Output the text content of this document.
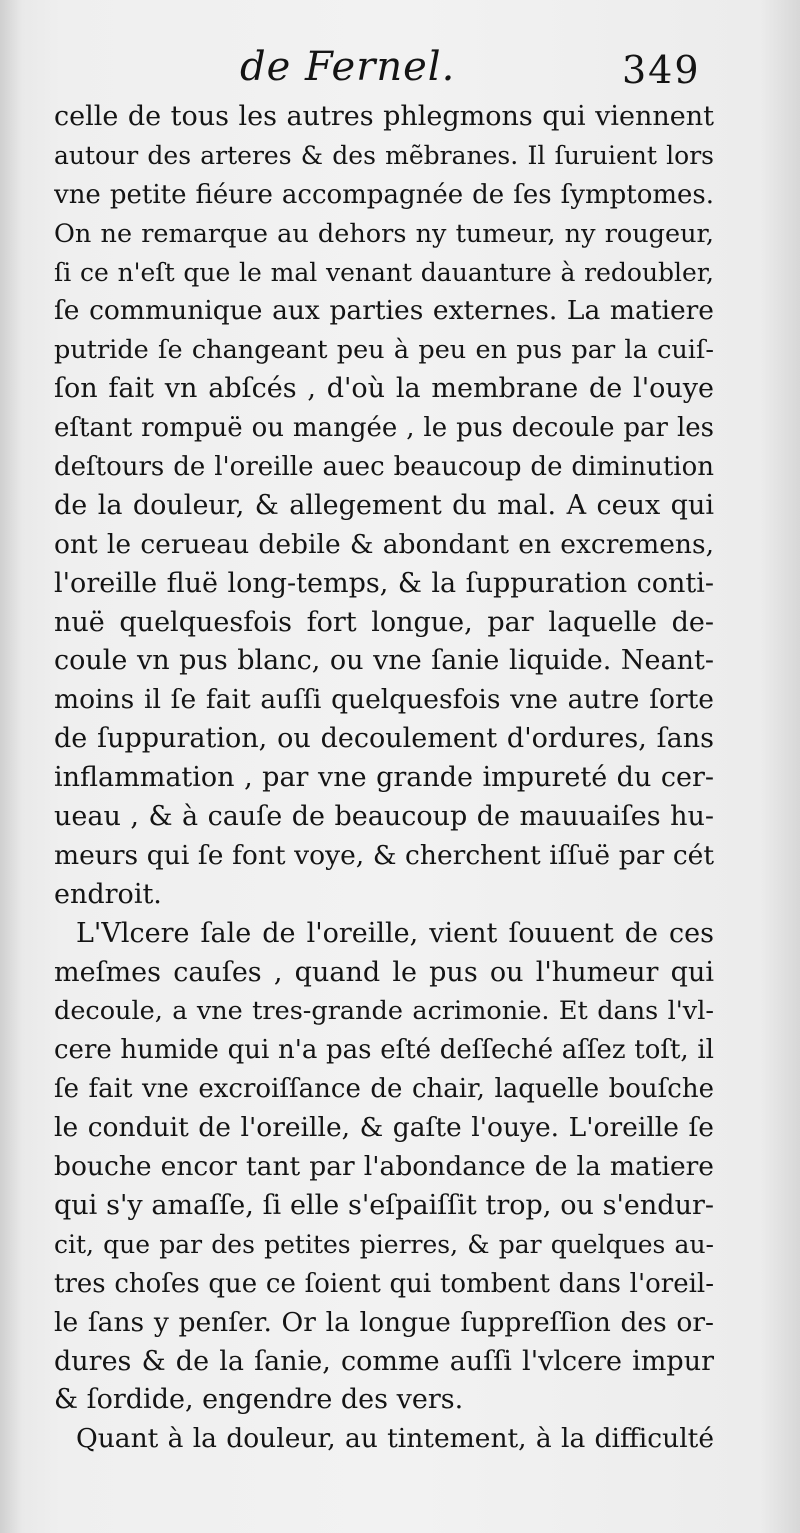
de Fernel.	349
celle de tous les autres phlegmons qui viennent
autour des arteres & des mẽbranes. Il ſuruient lors
vne petite fiéure accompagnée de ſes ſymptomes.
On ne remarque au dehors ny tumeur, ny rougeur,
ſi ce n'eſt que le mal venant dauanture à redoubler,
ſe communique aux parties externes. La matiere
putride ſe changeant peu à peu en pus par la cuiſ-
ſon fait vn abſcés , d'où la membrane de l'ouye
eſtant rompuë ou mangée , le pus decoule par les
deſtours de l'oreille auec beaucoup de diminution
de la douleur, & allegement du mal. A ceux qui
ont le cerueau debile & abondant en excremens,
l'oreille fluë long-temps, & la ſuppuration conti-
nuë quelquesfois fort longue, par laquelle de-
coule vn pus blanc, ou vne ſanie liquide. Neant-
moins il ſe fait auſſi quelquesfois vne autre ſorte
de ſuppuration, ou decoulement d'ordures, ſans
inflammation , par vne grande impureté du cer-
ueau , & à cauſe de beaucoup de mauuaiſes hu-
meurs qui ſe font voye, & cherchent iſſuë par cét
endroit.
L'Vlcere ſale de l'oreille, vient ſouuent de ces
meſmes cauſes , quand le pus ou l'humeur qui
decoule, a vne tres-grande acrimonie. Et dans l'vl-
cere humide qui n'a pas eſté deſſeché aſſez toſt, il
ſe fait vne excroiſſance de chair, laquelle bouſche
le conduit de l'oreille, & gaſte l'ouye. L'oreille ſe
bouche encor tant par l'abondance de la matiere
qui s'y amaſſe, ſi elle s'eſpaiſſit trop, ou s'endur-
cit, que par des petites pierres, & par quelques au-
tres choſes que ce ſoient qui tombent dans l'oreil-
le ſans y penſer. Or la longue ſuppreſſion des or-
dures & de la ſanie, comme auſſi l'vlcere impur
& ſordide, engendre des vers.
Quant à la douleur, au tintement, à la difficulté
